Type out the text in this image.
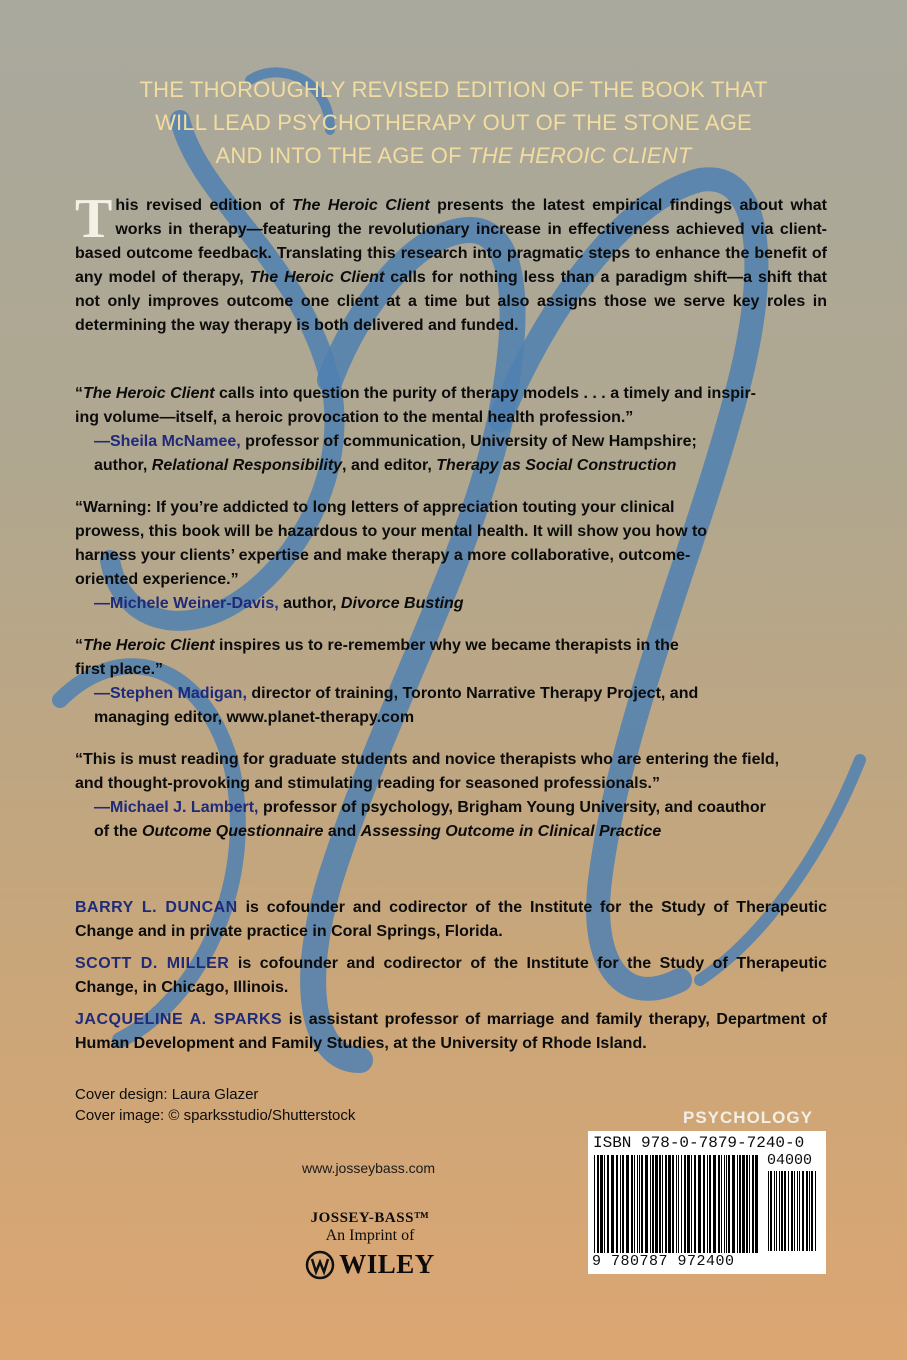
THE THOROUGHLY REVISED EDITION OF THE BOOK THAT
WILL LEAD PSYCHOTHERAPY OUT OF THE STONE AGE
AND INTO THE AGE OF THE HEROIC CLIENT
This revised edition of The Heroic Client presents the latest empirical findings about what works in therapy—featuring the revolutionary increase in effectiveness achieved via client-based outcome feedback. Translating this research into pragmatic steps to enhance the benefit of any model of therapy, The Heroic Client calls for nothing less than a paradigm shift—a shift that not only improves outcome one client at a time but also assigns those we serve key roles in determining the way therapy is both delivered and funded.
“The Heroic Client calls into question the purity of therapy models . . . a timely and inspir-
ing volume—itself, a heroic provocation to the mental health profession.”
—Sheila McNamee, professor of communication, University of New Hampshire;
author, Relational Responsibility, and editor, Therapy as Social Construction
“Warning: If you’re addicted to long letters of appreciation touting your clinical
prowess, this book will be hazardous to your mental health. It will show you how to
harness your clients’ expertise and make therapy a more collaborative, outcome-
oriented experience.”
—Michele Weiner-Davis, author, Divorce Busting
“The Heroic Client inspires us to re-remember why we became therapists in the
first place.”
—Stephen Madigan, director of training, Toronto Narrative Therapy Project, and
managing editor, www.planet-therapy.com
“This is must reading for graduate students and novice therapists who are entering the field,
and thought-provoking and stimulating reading for seasoned professionals.”
—Michael J. Lambert, professor of psychology, Brigham Young University, and coauthor
of the Outcome Questionnaire and Assessing Outcome in Clinical Practice
BARRY L. DUNCAN is cofounder and codirector of the Institute for the Study of Therapeutic Change and in private practice in Coral Springs, Florida.
SCOTT D. MILLER is cofounder and codirector of the Institute for the Study of Therapeutic Change, in Chicago, Illinois.
JACQUELINE A. SPARKS is assistant professor of marriage and family therapy, Department of Human Development and Family Studies, at the University of Rhode Island.
Cover design: Laura Glazer
Cover image: © sparksstudio/Shutterstock	PSYCHOLOGY
ISBN 978-0-7879-7240-0
04000
9 780787 972400
www.josseybass.com
JOSSEY-BASS™
An Imprint of
WILEY
